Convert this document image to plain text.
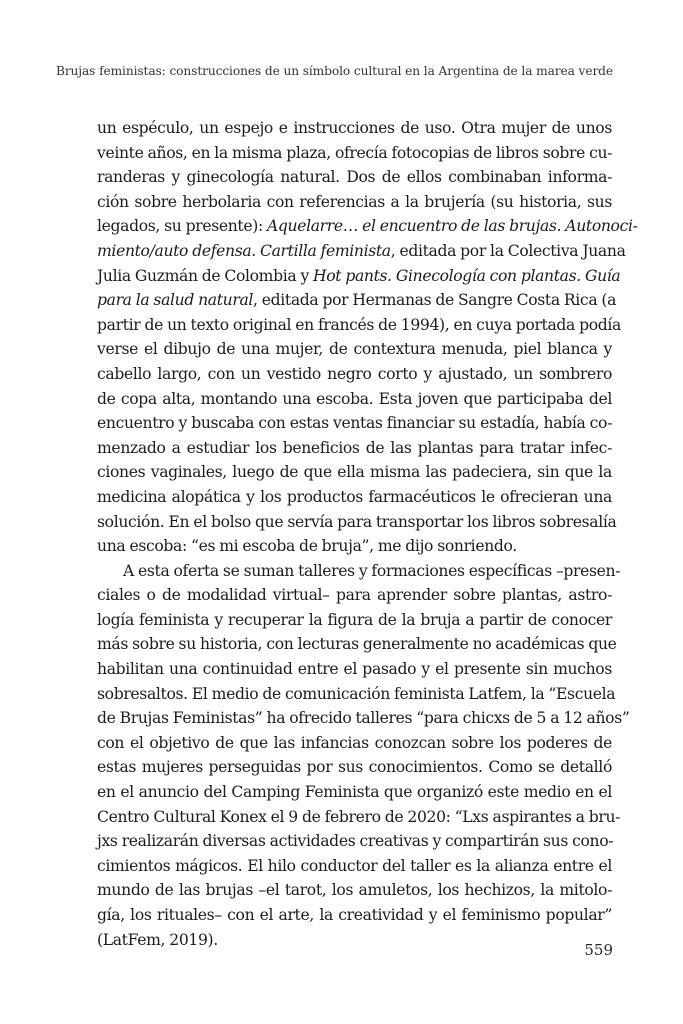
Brujas feministas: construcciones de un símbolo cultural en la Argentina de la marea verde
un espéculo, un espejo e instrucciones de uso. Otra mujer de unos
veinte años, en la misma plaza, ofrecía fotocopias de libros sobre cu-
randeras y ginecología natural. Dos de ellos combinaban informa-
ción sobre herbolaria con referencias a la brujería (su historia, sus
legados, su presente): Aquelarre… el encuentro de las brujas. Autonoci-
miento/auto defensa. Cartilla feminista, editada por la Colectiva Juana
Julia Guzmán de Colombia y Hot pants. Ginecología con plantas. Guía
para la salud natural, editada por Hermanas de Sangre Costa Rica (a
partir de un texto original en francés de 1994), en cuya portada podía
verse el dibujo de una mujer, de contextura menuda, piel blanca y
cabello largo, con un vestido negro corto y ajustado, un sombrero
de copa alta, montando una escoba. Esta joven que participaba del
encuentro y buscaba con estas ventas financiar su estadía, había co-
menzado a estudiar los beneficios de las plantas para tratar infec-
ciones vaginales, luego de que ella misma las padeciera, sin que la
medicina alopática y los productos farmacéuticos le ofrecieran una
solución. En el bolso que servía para transportar los libros sobresalía
una escoba: “es mi escoba de bruja”, me dijo sonriendo.
A esta oferta se suman talleres y formaciones específicas –presen-
ciales o de modalidad virtual– para aprender sobre plantas, astro-
logía feminista y recuperar la figura de la bruja a partir de conocer
más sobre su historia, con lecturas generalmente no académicas que
habilitan una continuidad entre el pasado y el presente sin muchos
sobresaltos. El medio de comunicación feminista Latfem, la “Escuela
de Brujas Feministas” ha ofrecido talleres “para chicxs de 5 a 12 años”
con el objetivo de que las infancias conozcan sobre los poderes de
estas mujeres perseguidas por sus conocimientos. Como se detalló
en el anuncio del Camping Feminista que organizó este medio en el
Centro Cultural Konex el 9 de febrero de 2020: “Lxs aspirantes a bru-
jxs realizarán diversas actividades creativas y compartirán sus cono-
cimientos mágicos. El hilo conductor del taller es la alianza entre el
mundo de las brujas –el tarot, los amuletos, los hechizos, la mitolo-
gía, los rituales– con el arte, la creatividad y el feminismo popular”
(LatFem, 2019).
559
